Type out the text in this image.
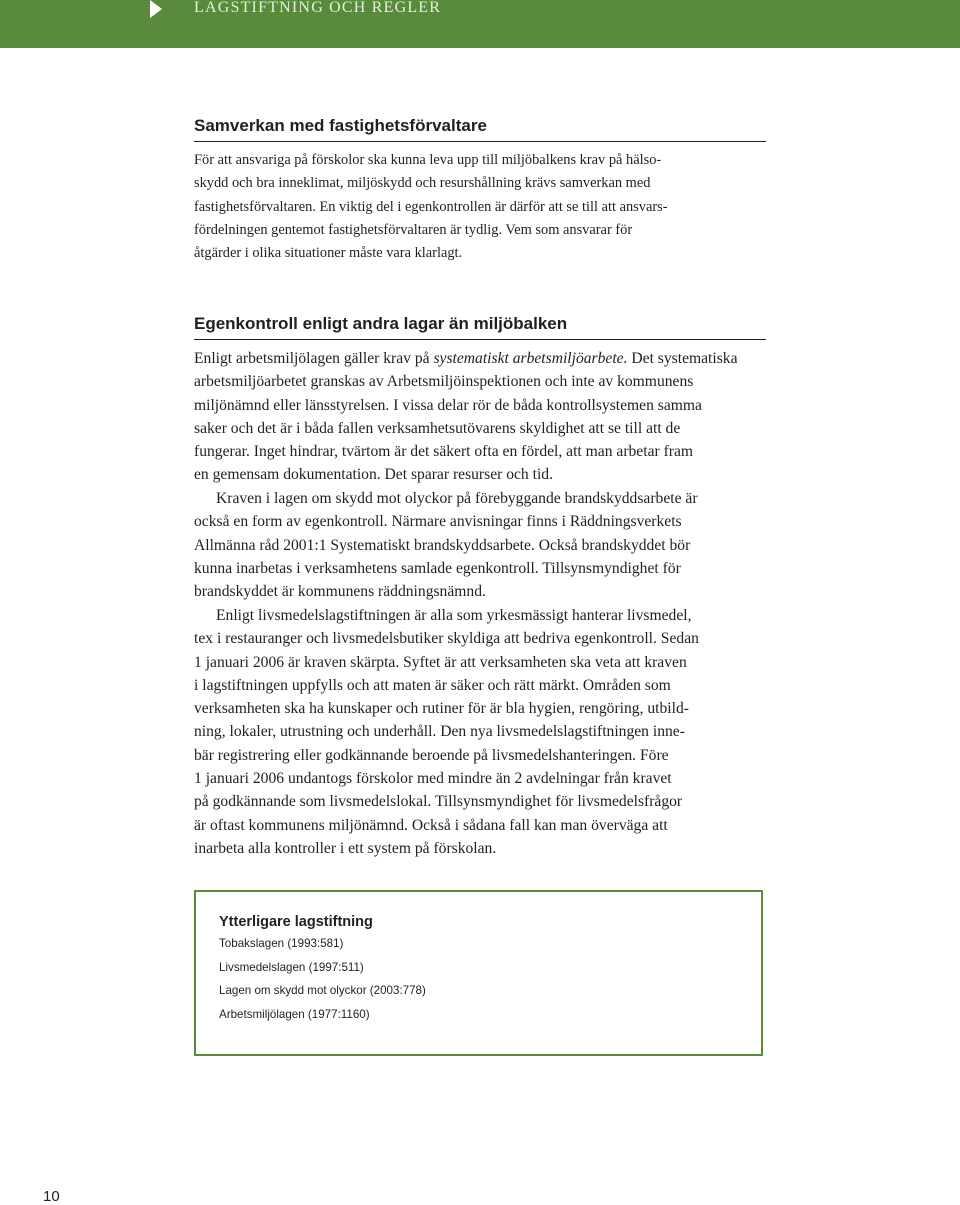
LAGSTIFTNING OCH REGLER
Samverkan med fastighetsförvaltare

För att ansvariga på förskolor ska kunna leva upp till miljöbalkens krav på hälso-
skydd och bra inneklimat, miljöskydd och resurshållning krävs samverkan med
fastighetsförvaltaren. En viktig del i egenkontrollen är därför att se till att ansvars-
fördelningen gentemot fastighetsförvaltaren är tydlig. Vem som ansvarar för
åtgärder i olika situationer måste vara klarlagt.

Egenkontroll enligt andra lagar än miljöbalken

Enligt arbetsmiljölagen gäller krav på systematiskt arbetsmiljöarbete. Det systematiska
arbetsmiljöarbetet granskas av Arbetsmiljöinspektionen och inte av kommunens
miljönämnd eller länsstyrelsen. I vissa delar rör de båda kontrollsystemen samma
saker och det är i båda fallen verksamhetsutövarens skyldighet att se till att de
fungerar. Inget hindrar, tvärtom är det säkert ofta en fördel, att man arbetar fram
en gemensam dokumentation. Det sparar resurser och tid.

Kraven i lagen om skydd mot olyckor på förebyggande brandskyddsarbete är
också en form av egenkontroll. Närmare anvisningar finns i Räddningsverkets
Allmänna råd 2001:1 Systematiskt brandskyddsarbete. Också brandskyddet bör
kunna inarbetas i verksamhetens samlade egenkontroll. Tillsynsmyndighet för
brandskyddet är kommunens räddningsnämnd.

Enligt livsmedelslagstiftningen är alla som yrkesmässigt hanterar livsmedel,
tex i restauranger och livsmedelsbutiker skyldiga att bedriva egenkontroll. Sedan
1 januari 2006 är kraven skärpta. Syftet är att verksamheten ska veta att kraven
i lagstiftningen uppfylls och att maten är säker och rätt märkt. Områden som
verksamheten ska ha kunskaper och rutiner för är bla hygien, rengöring, utbild-
ning, lokaler, utrustning och underhåll. Den nya livsmedelslagstiftningen inne-
bär registrering eller godkännande beroende på livsmedelshanteringen. Före
1 januari 2006 undantogs förskolor med mindre än 2 avdelningar från kravet
på godkännande som livsmedelslokal. Tillsynsmyndighet för livsmedelsfrågor
är oftast kommunens miljönämnd. Också i sådana fall kan man överväga att
inarbeta alla kontroller i ett system på förskolan.

Ytterligare lagstiftning
Tobakslagen (1993:581)
Livsmedelslagen (1997:511)
Lagen om skydd mot olyckor (2003:778)
Arbetsmiljölagen (1977:1160)
10
